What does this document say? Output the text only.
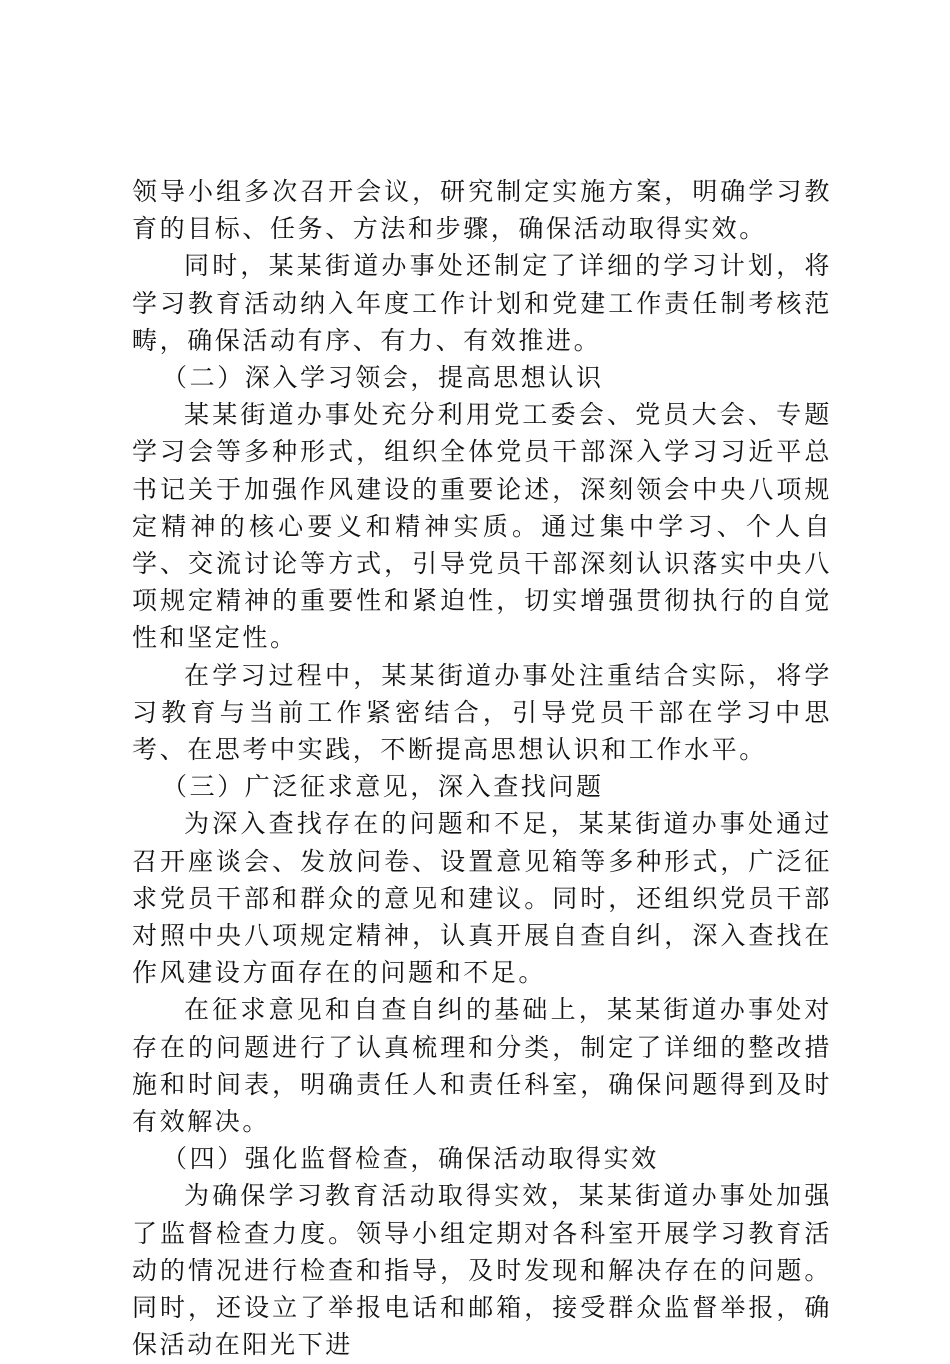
领导小组多次召开会议，研究制定实施方案，明确学习教育的目标、任务、方法和步骤，确保活动取得实效。

同时，某某街道办事处还制定了详细的学习计划，将学习教育活动纳入年度工作计划和党建工作责任制考核范畴，确保活动有序、有力、有效推进。

（二）深入学习领会，提高思想认识

某某街道办事处充分利用党工委会、党员大会、专题学习会等多种形式，组织全体党员干部深入学习习近平总书记关于加强作风建设的重要论述，深刻领会中央八项规定精神的核心要义和精神实质。通过集中学习、个人自学、交流讨论等方式，引导党员干部深刻认识落实中央八项规定精神的重要性和紧迫性，切实增强贯彻执行的自觉性和坚定性。

在学习过程中，某某街道办事处注重结合实际，将学习教育与当前工作紧密结合，引导党员干部在学习中思考、在思考中实践，不断提高思想认识和工作水平。

（三）广泛征求意见，深入查找问题

为深入查找存在的问题和不足，某某街道办事处通过召开座谈会、发放问卷、设置意见箱等多种形式，广泛征求党员干部和群众的意见和建议。同时，还组织党员干部对照中央八项规定精神，认真开展自查自纠，深入查找在作风建设方面存在的问题和不足。

在征求意见和自查自纠的基础上，某某街道办事处对存在的问题进行了认真梳理和分类，制定了详细的整改措施和时间表，明确责任人和责任科室，确保问题得到及时有效解决。

（四）强化监督检查，确保活动取得实效

为确保学习教育活动取得实效，某某街道办事处加强了监督检查力度。领导小组定期对各科室开展学习教育活动的情况进行检查和指导，及时发现和解决存在的问题。同时，还设立了举报电话和邮箱，接受群众监督举报，确保活动在阳光下进
